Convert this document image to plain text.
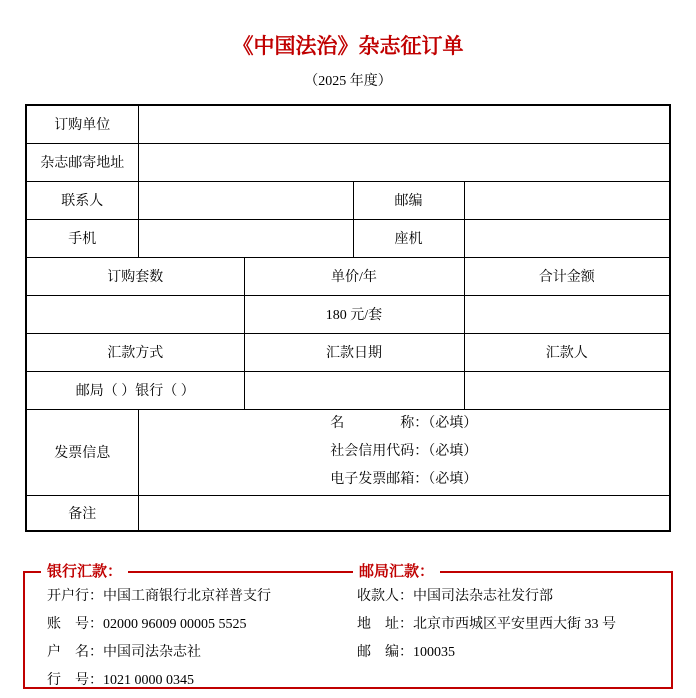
《中国法治》杂志征订单
（2025 年度）
订购单位				
杂志邮寄地址				
联系人			邮编	
手机			座机	
订购套数		单价/年		合计金额
		180 元/套		
汇款方式		汇款日期		汇款人
邮局（ ）银行（ ）				
发票信息	名　　　　称：（必填）
社会信用代码：（必填）
电子发票邮箱：（必填）			

备注				
银行汇款：	邮局汇款：
开户行：中国工商银行北京祥普支行
账　号：02000 96009 00005 5525
户　名：中国司法杂志社
行　号：1021 0000 0345
收款人：中国司法杂志社发行部
地　址：北京市西城区平安里西大街 33 号
邮　编：100035
